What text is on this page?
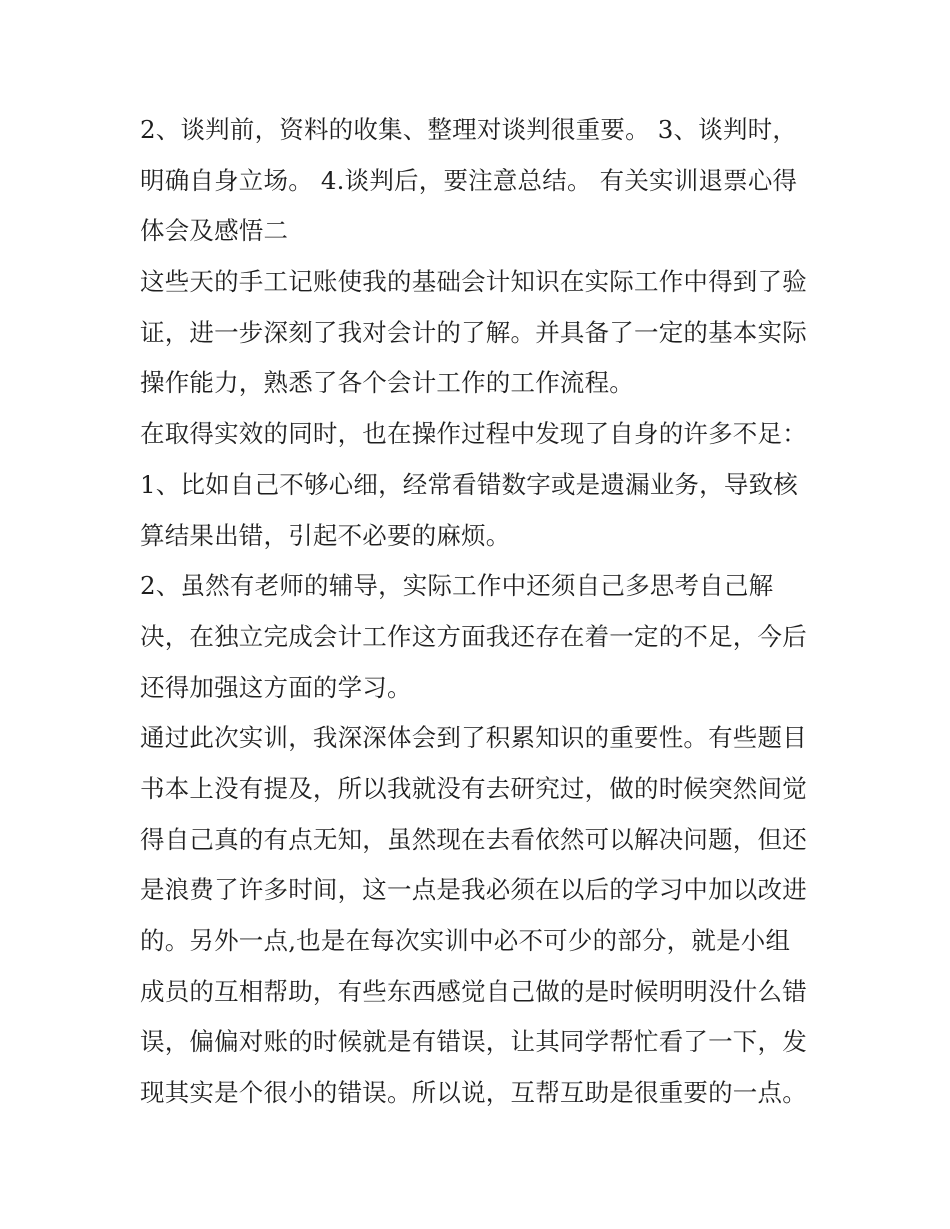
2、谈判前，资料的收集、整理对谈判很重要。 3、谈判时，
明确自身立场。 4.谈判后，要注意总结。 有关实训退票心得
体会及感悟二
这些天的手工记账使我的基础会计知识在实际工作中得到了验
证，进一步深刻了我对会计的了解。并具备了一定的基本实际
操作能力，熟悉了各个会计工作的工作流程。
在取得实效的同时，也在操作过程中发现了自身的许多不足：
1、比如自己不够心细，经常看错数字或是遗漏业务，导致核
算结果出错，引起不必要的麻烦。
2、虽然有老师的辅导，实际工作中还须自己多思考自己解
决，在独立完成会计工作这方面我还存在着一定的不足，今后
还得加强这方面的学习。
通过此次实训，我深深体会到了积累知识的重要性。有些题目
书本上没有提及，所以我就没有去研究过，做的时候突然间觉
得自己真的有点无知，虽然现在去看依然可以解决问题，但还
是浪费了许多时间，这一点是我必须在以后的学习中加以改进
的。另外一点,也是在每次实训中必不可少的部分，就是小组
成员的互相帮助，有些东西感觉自己做的是时候明明没什么错
误，偏偏对账的时候就是有错误，让其同学帮忙看了一下，发
现其实是个很小的错误。所以说，互帮互助是很重要的一点。
